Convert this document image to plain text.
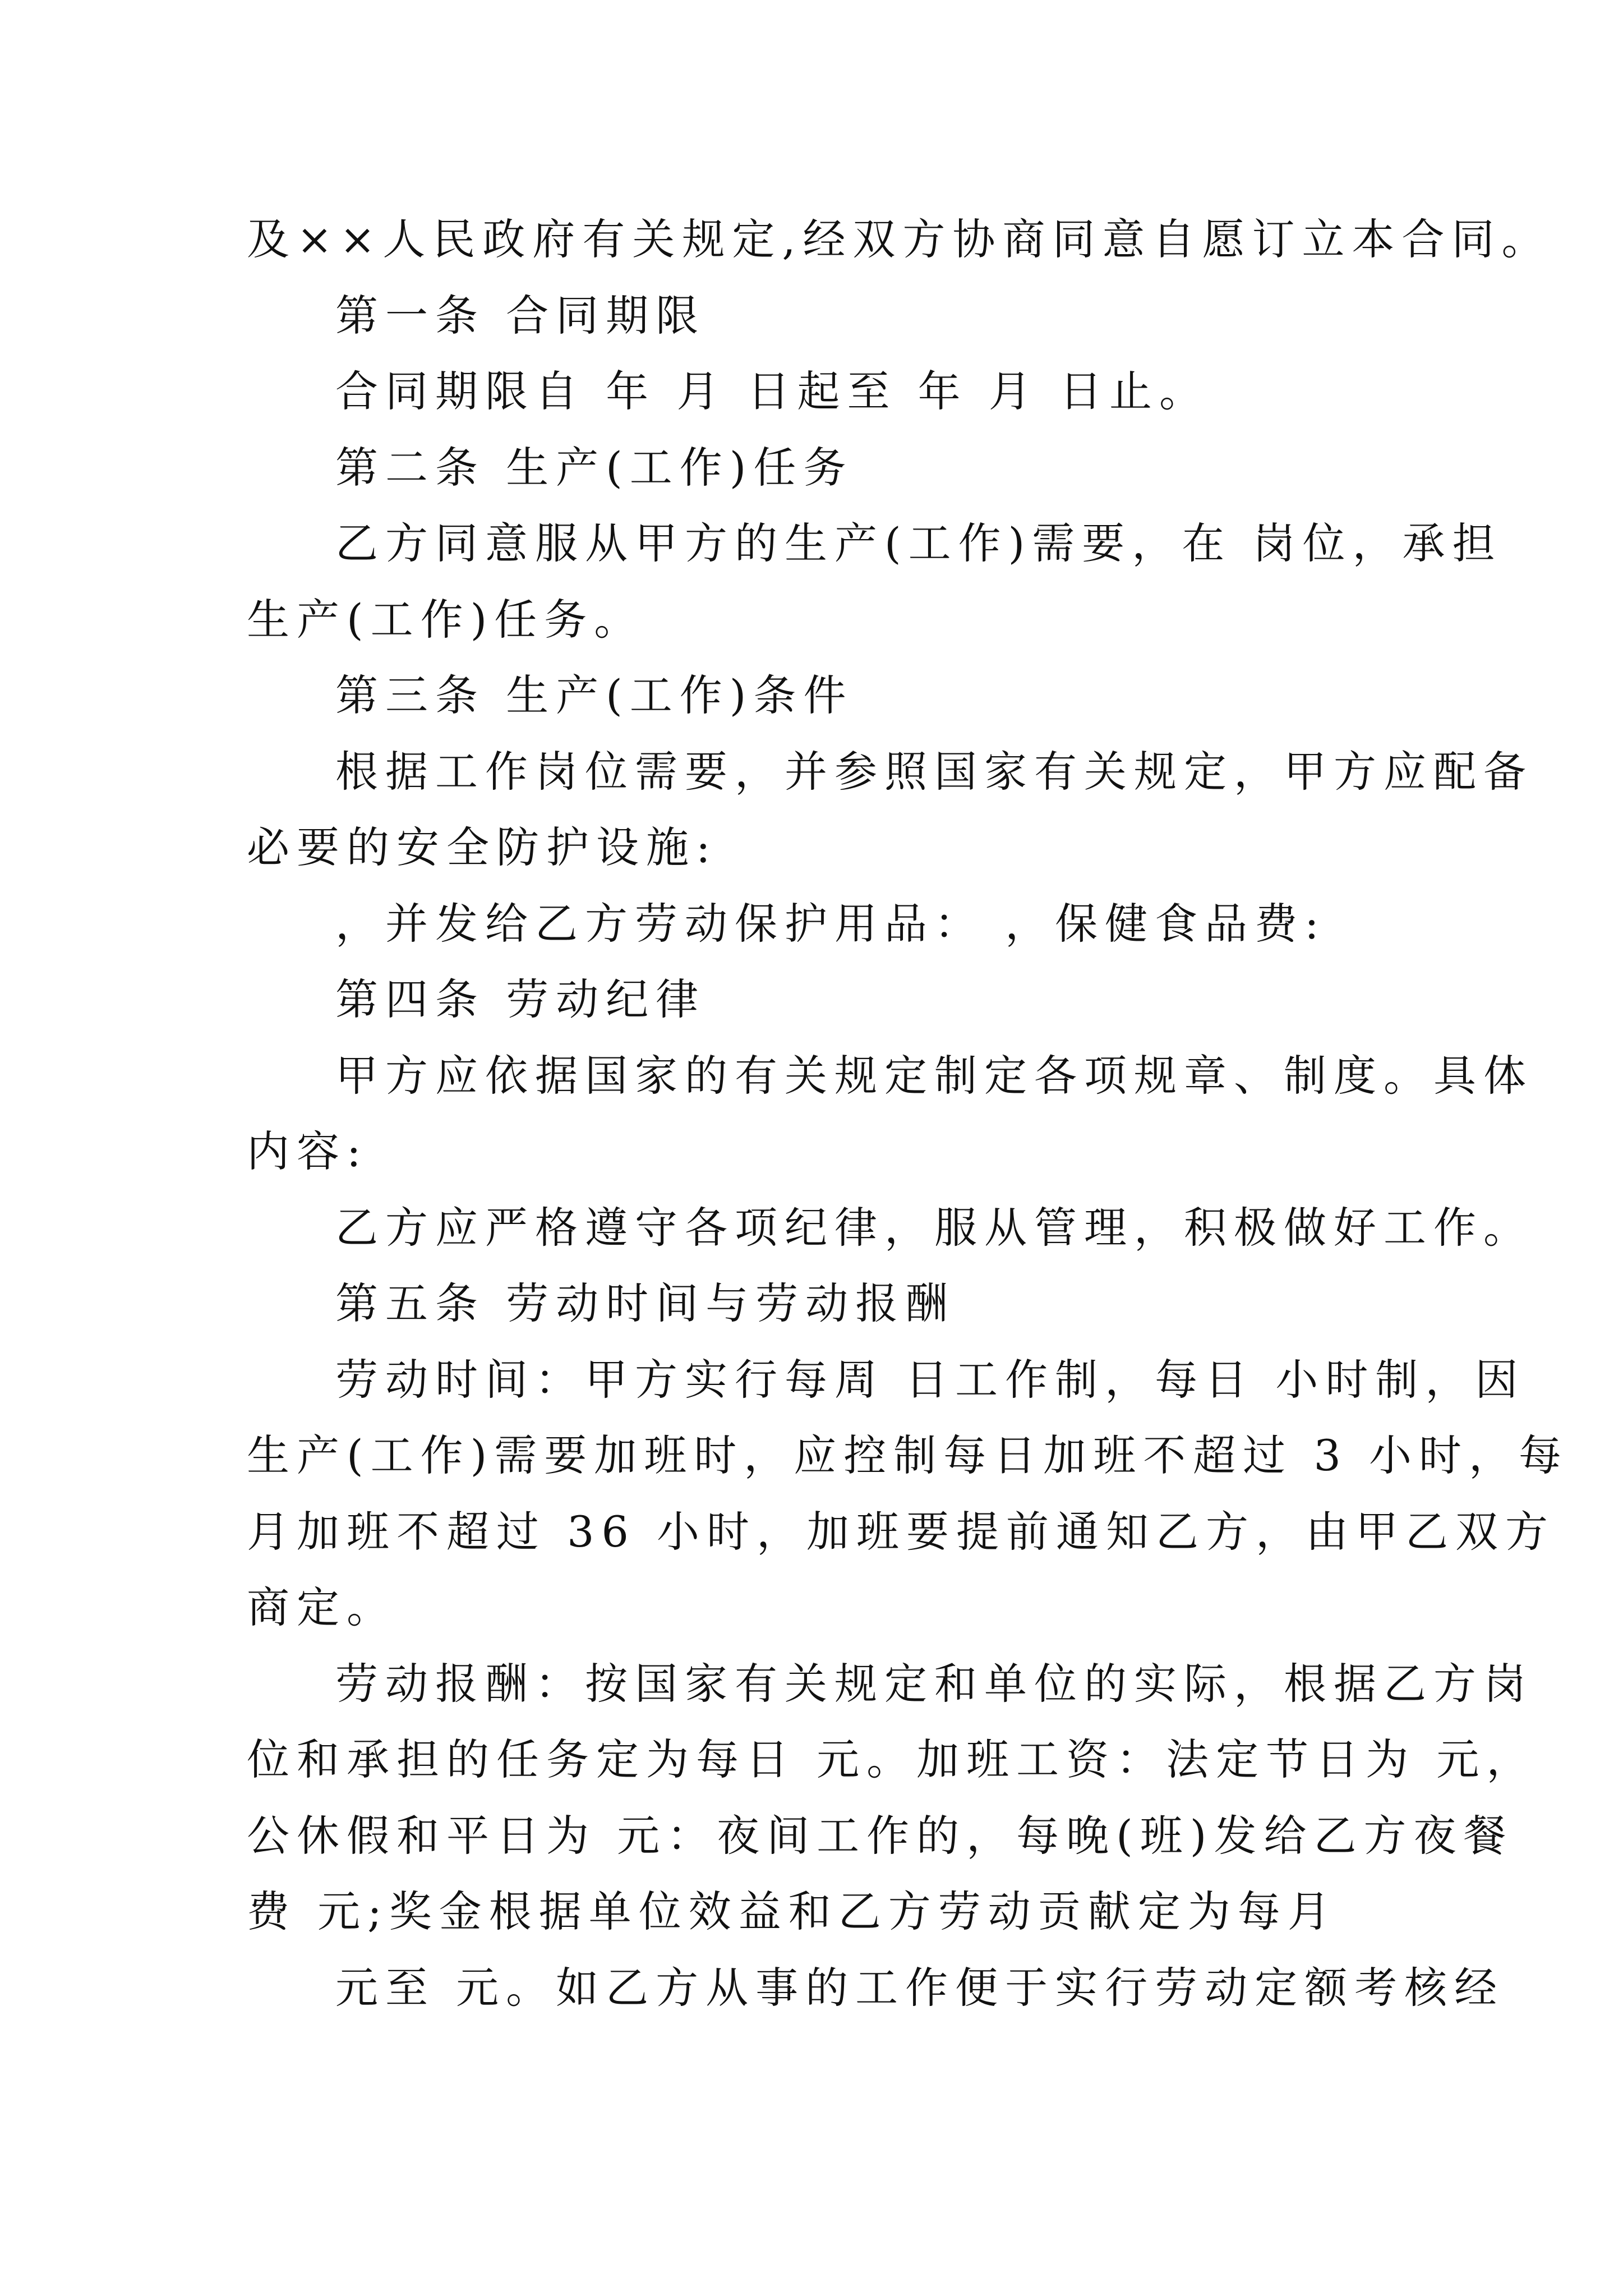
及××人民政府有关规定,经双方协商同意自愿订立本合同。
第一条 合同期限
合同期限自 年 月 日起至 年 月 日止。
第二条 生产(工作)任务
乙方同意服从甲方的生产(工作)需要，在 岗位，承担
生产(工作)任务。
第三条 生产(工作)条件
根据工作岗位需要，并参照国家有关规定，甲方应配备
必要的安全防护设施:
，并发给乙方劳动保护用品： ，保健食品费:
第四条 劳动纪律
甲方应依据国家的有关规定制定各项规章、制度。具体
内容:
乙方应严格遵守各项纪律，服从管理，积极做好工作。
第五条 劳动时间与劳动报酬
劳动时间：甲方实行每周 日工作制，每日 小时制，因
生产(工作)需要加班时，应控制每日加班不超过 3 小时，每
月加班不超过 36 小时，加班要提前通知乙方，由甲乙双方
商定。
劳动报酬：按国家有关规定和单位的实际，根据乙方岗
位和承担的任务定为每日 元。加班工资：法定节日为 元，
公休假和平日为 元：夜间工作的，每晚(班)发给乙方夜餐
费 元;奖金根据单位效益和乙方劳动贡献定为每月
元至 元。如乙方从事的工作便于实行劳动定额考核经
